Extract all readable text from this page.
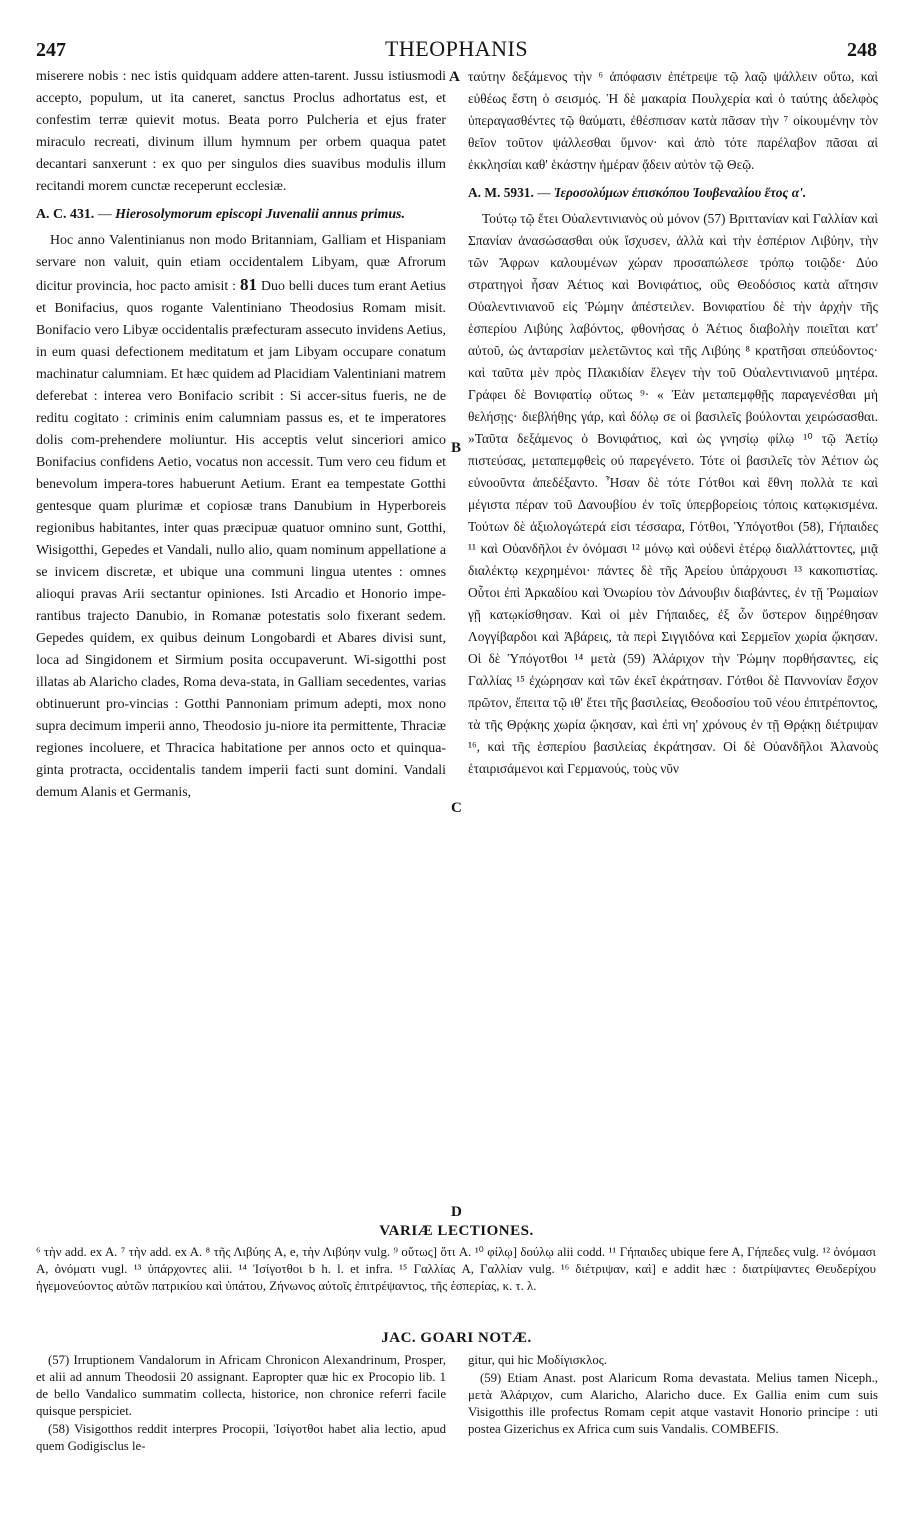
247	THEOPHANIS	248

miserere nobis : nec istis quidquam addere atten-tarent. Jussu istiusmodi accepto, populum, ut ita caneret, sanctus Proclus adhortatus est, et confestim terræ quievit motus. Beata porro Pulcheria et ejus frater miraculo recreati, divinum illum hymnum per orbem quaqua patet decantari sanxerunt : ex quo per singulos dies suavibus modulis illum recitandi morem cunctæ receperunt ecclesiæ.

A. C. 431. — Hierosolymorum episcopi Juvenalii annus primus.

Hoc anno Valentinianus non modo Britanniam, Galliam et Hispaniam servare non valuit, quin etiam occidentalem Libyam, quæ Afrorum dicitur provincia, hoc pacto amisit : 81 Duo belli duces tum erant Aetius et Bonifacius, quos rogante Valentiniano Theodosius Romam misit. Bonifacio vero Libyæ occidentalis præfecturam assecuto invidens Aetius, in eum quasi defectionem meditatum et jam Libyam occupare conatum machinatur calumniam. Et hæc quidem ad Placidiam Valentiniani matrem deferebat : interea vero Bonifacio scribit : Si accer-situs fueris, ne de reditu cogitato : criminis enim calumniam passus es, et te imperatores dolis com-prehendere moliuntur. His acceptis velut sinceriori amico Bonifacius confidens Aetio, vocatus non accessit. Tum vero ceu fidum et benevolum impera-tores habuerunt Aetium. Erant ea tempestate Gotthi gentesque quam plurimæ et copiosæ trans Danubium in Hyperboreis regionibus habitantes, inter quas præcipuæ quatuor omnino sunt, Gotthi, Wisigotthi, Gepedes et Vandali, nullo alio, quam nominum appellatione a se invicem discretæ, et ubique una communi lingua utentes : omnes alioqui pravas Arii sectantur opiniones. Isti Arcadio et Honorio impe-rantibus trajecto Danubio, in Romanæ potestatis solo fixerant sedem. Gepedes quidem, ex quibus deinum Longobardi et Abares divisi sunt, loca ad Singidonem et Sirmium posita occupaverunt. Wi-sigotthi post illatas ab Alaricho clades, Roma deva-stata, in Galliam secedentes, varias obtinuerunt pro-vincias : Gotthi Pannoniam primum adepti, mox nono supra decimum imperii anno, Theodosio ju-niore ita permittente, Thraciæ regiones incoluere, et Thracica habitatione per annos octo et quinqua-ginta protracta, occidentalis tandem imperii facti sunt domini. Vandali demum Alanis et Germanis,

A
B
C
D

ταύτην δεξάμενος τὴν ⁶ ἀπόφασιν ἐπέτρεψε τῷ λαῷ ψάλλειν οὕτω, καὶ εὐθέως ἔστη ὁ σεισμός. Ἡ δὲ μακαρία Πουλχερία καὶ ὁ ταύτης ἀδελφὸς ὑπεραγασθέντες τῷ θαύματι, ἐθέσπισαν κατὰ πᾶσαν τὴν ⁷ οἰκουμένην τὸν θεῖον τοῦτον ψάλλεσθαι ὕμνον· καὶ ἀπὸ τότε παρέλαβον πᾶσαι αἱ ἐκκλησίαι καθ' ἑκάστην ἡμέραν ᾄδειν αὐτὸν τῷ Θεῷ.

A. M. 5931. — Ἱεροσολύμων ἐπισκόπου Ἰουβεναλίου ἔτος α'.

Τούτῳ τῷ ἔτει Οὐαλεντινιανὸς οὐ μόνον (57) Βριττανίαν καὶ Γαλλίαν καὶ Σπανίαν ἀνασώσασθαι οὐκ ἴσχυσεν, ἀλλὰ καὶ τὴν ἑσπέριον Λιβύην, τὴν τῶν Ἄφρων καλουμένων χώραν προσαπώλεσε τρόπῳ τοιῷδε· Δύο στρατηγοὶ ἦσαν Ἀέτιος καὶ Βονιφάτιος, οὓς Θεοδόσιος κατὰ αἴτησιν Οὐαλεντινιανοῦ εἰς Ῥώμην ἀπέστειλεν. Βονιφατίου δὲ τὴν ἀρχὴν τῆς ἑσπερίου Λιβύης λαβόντος, φθονήσας ὁ Ἀέτιος διαβολὴν ποιεῖται κατ' αὐτοῦ, ὡς ἀνταρσίαν μελετῶντος καὶ τῆς Λιβύης ⁸ κρατῆσαι σπεύδοντος· καὶ ταῦτα μὲν πρὸς Πλακιδίαν ἔλεγεν τὴν τοῦ Οὐαλεντινιανοῦ μητέρα. Γράφει δὲ Βονιφατίῳ οὕτως ⁹· « Ἐὰν μεταπεμφθῇς παραγενέσθαι μὴ θελήσῃς· διεβλήθης γάρ, καὶ δόλῳ σε οἱ βασιλεῖς βούλονται χειρώσασθαι. »Ταῦτα δεξάμενος ὁ Βονιφάτιος, καὶ ὡς γνησίῳ φίλῳ ¹⁰ τῷ Ἀετίῳ πιστεύσας, μεταπεμφθεὶς οὐ παρεγένετο. Τότε οἱ βασιλεῖς τὸν Ἀέτιον ὡς εὐνοοῦντα ἀπεδέξαντο. Ἦσαν δὲ τότε Γότθοι καὶ ἔθνη πολλὰ τε καὶ μέγιστα πέραν τοῦ Δανουβίου ἐν τοῖς ὑπερβορείοις τόποις κατῳκισμένα. Τούτων δὲ ἀξιολογώτερά εἰσι τέσσαρα, Γότθοι, Ὑπόγοτθοι (58), Γήπαιδες ¹¹ καὶ Οὐανδῆλοι ἐν ὀνόμασι ¹² μόνῳ καὶ οὐδενὶ ἑτέρῳ διαλλάττοντες, μιᾷ διαλέκτῳ κεχρημένοι· πάντες δὲ τῆς Ἀρείου ὑπάρχουσι ¹³ κακοπιστίας. Οὗτοι ἐπὶ Ἀρκαδίου καὶ Ὀνωρίου τὸν Δάνουβιν διαβάντες, ἐν τῇ Ῥωμαίων γῇ κατῳκίσθησαν. Καὶ οἱ μὲν Γήπαιδες, ἐξ ὧν ὕστερον διῃρέθησαν Λογγίβαρδοι καὶ Ἀβάρεις, τὰ περὶ Σιγγιδόνα καὶ Σερμεῖον χωρία ᾤκησαν. Οἱ δὲ Ὑπόγοτθοι ¹⁴ μετὰ (59) Ἀλάριχον τὴν Ῥώμην πορθήσαντες, εἰς Γαλλίας ¹⁵ ἐχώρησαν καὶ τῶν ἐκεῖ ἐκράτησαν. Γότθοι δὲ Παννονίαν ἔσχον πρῶτον, ἔπειτα τῷ ιθ' ἔτει τῆς βασιλείας, Θεοδοσίου τοῦ νέου ἐπιτρέποντος, τὰ τῆς Θρᾴκης χωρία ᾤκησαν, καὶ ἐπὶ νη' χρόνους ἐν τῇ Θρᾴκῃ διέτριψαν ¹⁶, καὶ τῆς ἑσπερίου βασιλείας ἐκράτησαν. Οἱ δὲ Οὐανδῆλοι Ἀλανοὺς ἑταιρισάμενοι καὶ Γερμανούς, τοὺς νῦν

VARIÆ LECTIONES.
⁶ τὴν add. ex A. ⁷ τὴν add. ex A. ⁸ τῆς Λιβύης A, e, τὴν Λιβύην vulg. ⁹ οὕτως] ὅτι A. ¹⁰ φίλῳ] δούλῳ alii codd. ¹¹ Γήπαιδες ubique fere A, Γήπεδες vulg. ¹² ὀνόμασι A, ὀνόματι vugl. ¹³ ὑπάρχοντες alii. ¹⁴ Ἰσίγοτθοι b h. l. et infra. ¹⁵ Γαλλίας A, Γαλλίαν vulg. ¹⁶ διέτριψαν, καὶ] e addit hæc : διατρίψαντες Θευδερίχου ἡγεμονεύοντος αὐτῶν πατρικίου καὶ ὑπάτου, Ζήνωνος αὐτοῖς ἐπιτρέψαντος, τῆς ἑσπερίας, κ. τ. λ.
JAC. GOARI NOTÆ.

(57) Irruptionem Vandalorum in Africam Chronicon Alexandrinum, Prosper, et alii ad annum Theodosii 20 assignant. Eapropter quæ hic ex Procopio lib. 1 de bello Vandalico summatim collecta, historice, non chronice referri facile quisque perspiciet.

(58) Visigotthos reddit interpres Procopii, Ἰσίγοτθοι habet alia lectio, apud quem Godigisclus le-

gitur, qui hic Μοδίγισκλος.

(59) Etiam Anast. post Alaricum Roma devastata. Melius tamen Niceph., μετὰ Ἀλάριχον, cum Alaricho, Alaricho duce. Ex Gallia enim cum suis Visigotthis ille profectus Romam cepit atque vastavit Honorio principe : uti postea Gizerichus ex Africa cum suis Vandalis. COMBEFIS.
